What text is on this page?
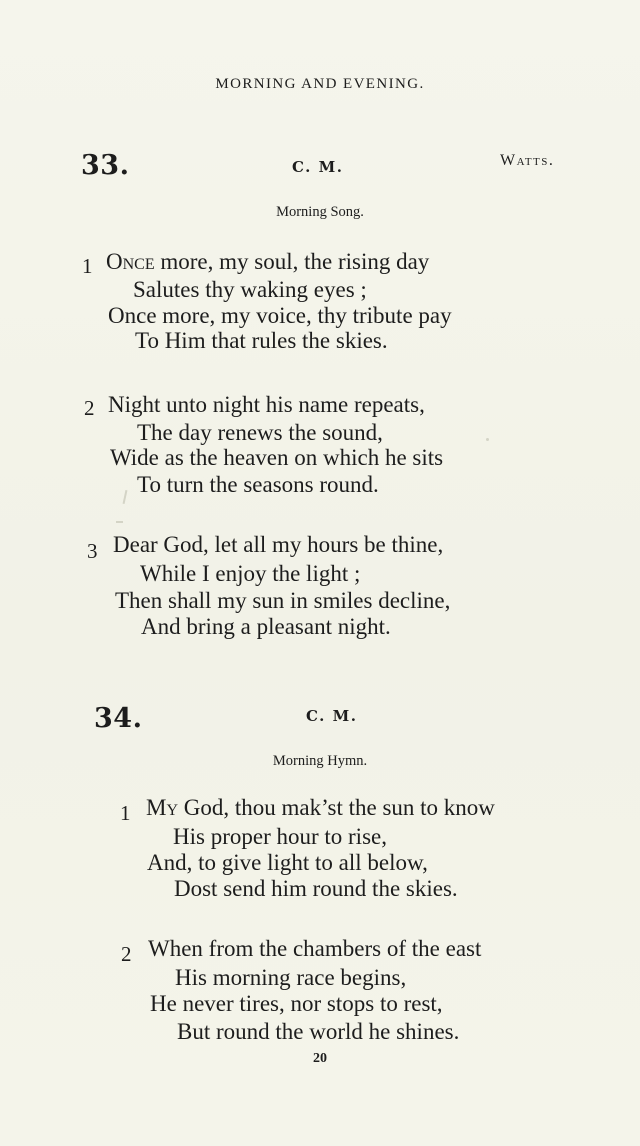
MORNING AND EVENING.
33.	C. M.	Watts.
Morning Song.
1 Once more, my soul, the rising day
Salutes thy waking eyes ;
Once more, my voice, thy tribute pay
To Him that rules the skies.
2 Night unto night his name repeats,
The day renews the sound,
Wide as the heaven on which he sits
To turn the seasons round.
3 Dear God, let all my hours be thine,
While I enjoy the light ;
Then shall my sun in smiles decline,
And bring a pleasant night.
34.	C. M.
Morning Hymn.
1 My God, thou mak’st the sun to know
His proper hour to rise,
And, to give light to all below,
Dost send him round the skies.
2 When from the chambers of the east
His morning race begins,
He never tires, nor stops to rest,
But round the world he shines.
20
